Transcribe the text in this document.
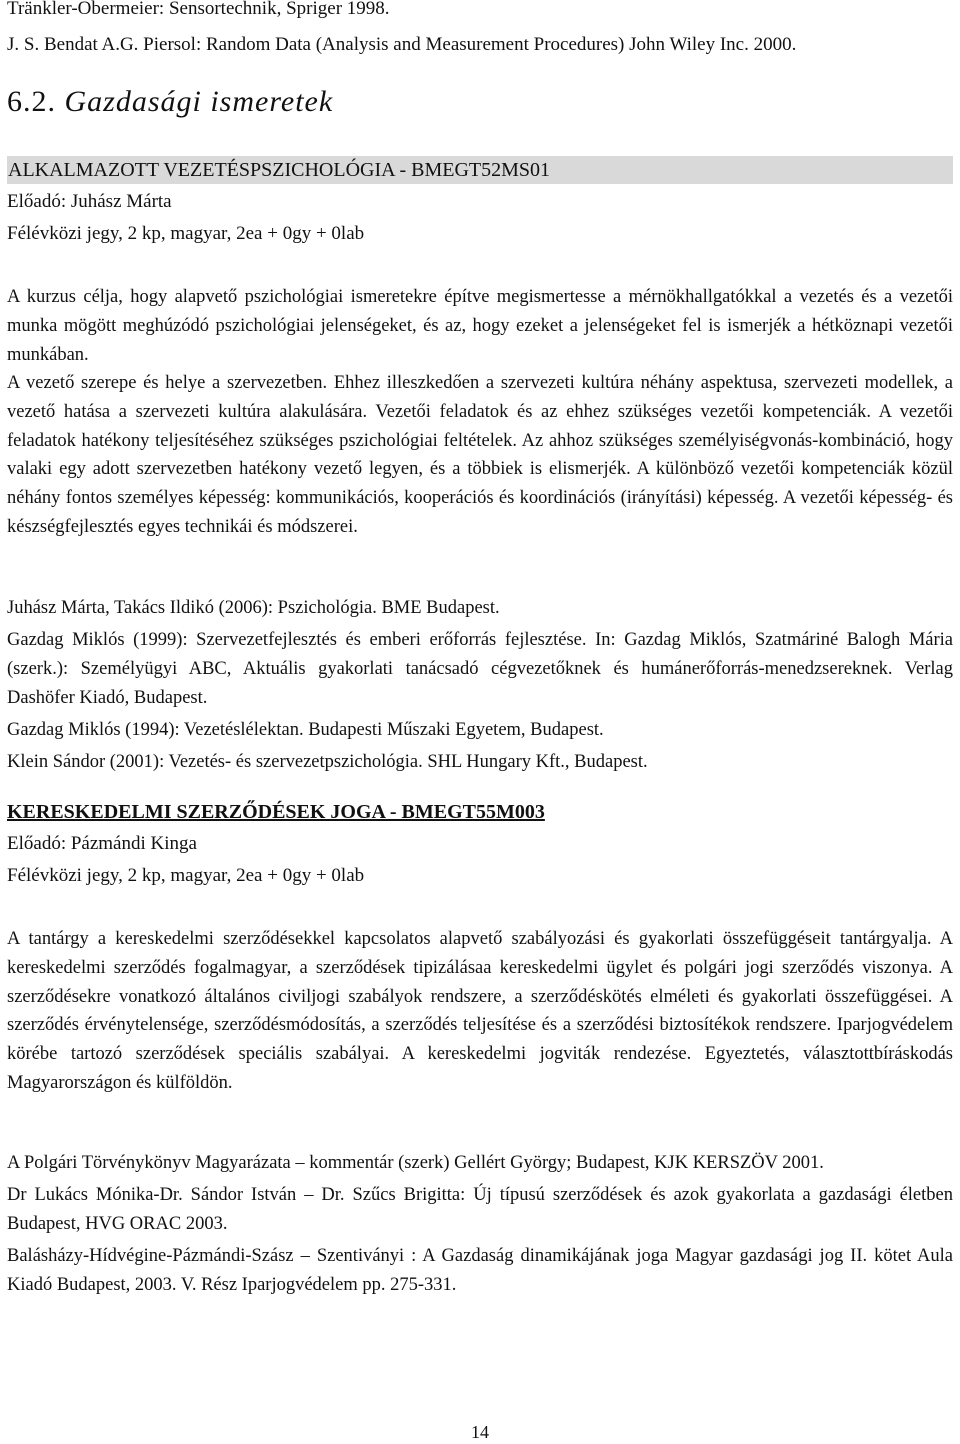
Tränkler-Obermeier: Sensortechnik, Spriger 1998.
J. S. Bendat A.G. Piersol: Random Data (Analysis and Measurement Procedures) John Wiley Inc. 2000.
6.2. Gazdasági ismeretek
ALKALMAZOTT VEZETÉSPSZICHOLÓGIA - BMEGT52MS01
Előadó: Juhász Márta
Félévközi jegy, 2 kp, magyar, 2ea + 0gy + 0lab
A kurzus célja, hogy alapvető pszichológiai ismeretekre építve megismertesse a mérnökhallgatókkal a vezetés és a vezetői munka mögött meghúzódó pszichológiai jelenségeket, és az, hogy ezeket a jelenségeket fel is ismerjék a hétköznapi vezetői munkában.
A vezető szerepe és helye a szervezetben. Ehhez illeszkedően a szervezeti kultúra néhány aspektusa, szervezeti modellek, a vezető hatása a szervezeti kultúra alakulására. Vezetői feladatok és az ehhez szükséges vezetői kompetenciák. A vezetői feladatok hatékony teljesítéséhez szükséges pszichológiai feltételek. Az ahhoz szükséges személyiségvonás-kombináció, hogy valaki egy adott szervezetben hatékony vezető legyen, és a többiek is elismerjék. A különböző vezetői kompetenciák közül néhány fontos személyes képesség: kommunikációs, kooperációs és koordinációs (irányítási) képesség. A vezetői képesség- és készségfejlesztés egyes technikái és módszerei.
Juhász Márta, Takács Ildikó (2006): Pszichológia. BME Budapest.
Gazdag Miklós (1999): Szervezetfejlesztés és emberi erőforrás fejlesztése. In: Gazdag Miklós, Szatmáriné Balogh Mária (szerk.): Személyügyi ABC, Aktuális gyakorlati tanácsadó cégvezetőknek és humánerőforrás-menedzsereknek. Verlag Dashöfer Kiadó, Budapest.
Gazdag Miklós (1994): Vezetéslélektan. Budapesti Műszaki Egyetem, Budapest.
Klein Sándor (2001): Vezetés- és szervezetpszichológia. SHL Hungary Kft., Budapest.
KERESKEDELMI SZERZŐDÉSEK JOGA - BMEGT55M003
Előadó: Pázmándi Kinga
Félévközi jegy, 2 kp, magyar, 2ea + 0gy + 0lab
A tantárgy a kereskedelmi szerződésekkel kapcsolatos alapvető szabályozási és gyakorlati összefüggéseit tantárgyalja. A kereskedelmi szerződés fogalmagyar, a szerződések tipizálásaa kereskedelmi ügylet és polgári jogi szerződés viszonya. A szerződésekre vonatkozó általános civiljogi szabályok rendszere, a szerződéskötés elméleti és gyakorlati összefüggései. A szerződés érvénytelensége, szerződésmódosítás, a szerződés teljesítése és a szerződési biztosítékok rendszere. Iparjogvédelem körébe tartozó szerződések speciális szabályai. A kereskedelmi jogviták rendezése. Egyeztetés, választottbíráskodás Magyarországon és külföldön.
A Polgári Törvénykönyv Magyarázata – kommentár (szerk) Gellért György; Budapest, KJK KERSZÖV 2001.
Dr Lukács Mónika-Dr. Sándor István – Dr. Szűcs Brigitta: Új típusú szerződések és azok gyakorlata a gazdasági életben Budapest, HVG ORAC 2003.
Balásházy-Hídvégine-Pázmándi-Szász – Szentiványi : A Gazdaság dinamikájának joga Magyar gazdasági jog II. kötet Aula Kiadó Budapest, 2003. V. Rész Iparjogvédelem pp. 275-331.
14
